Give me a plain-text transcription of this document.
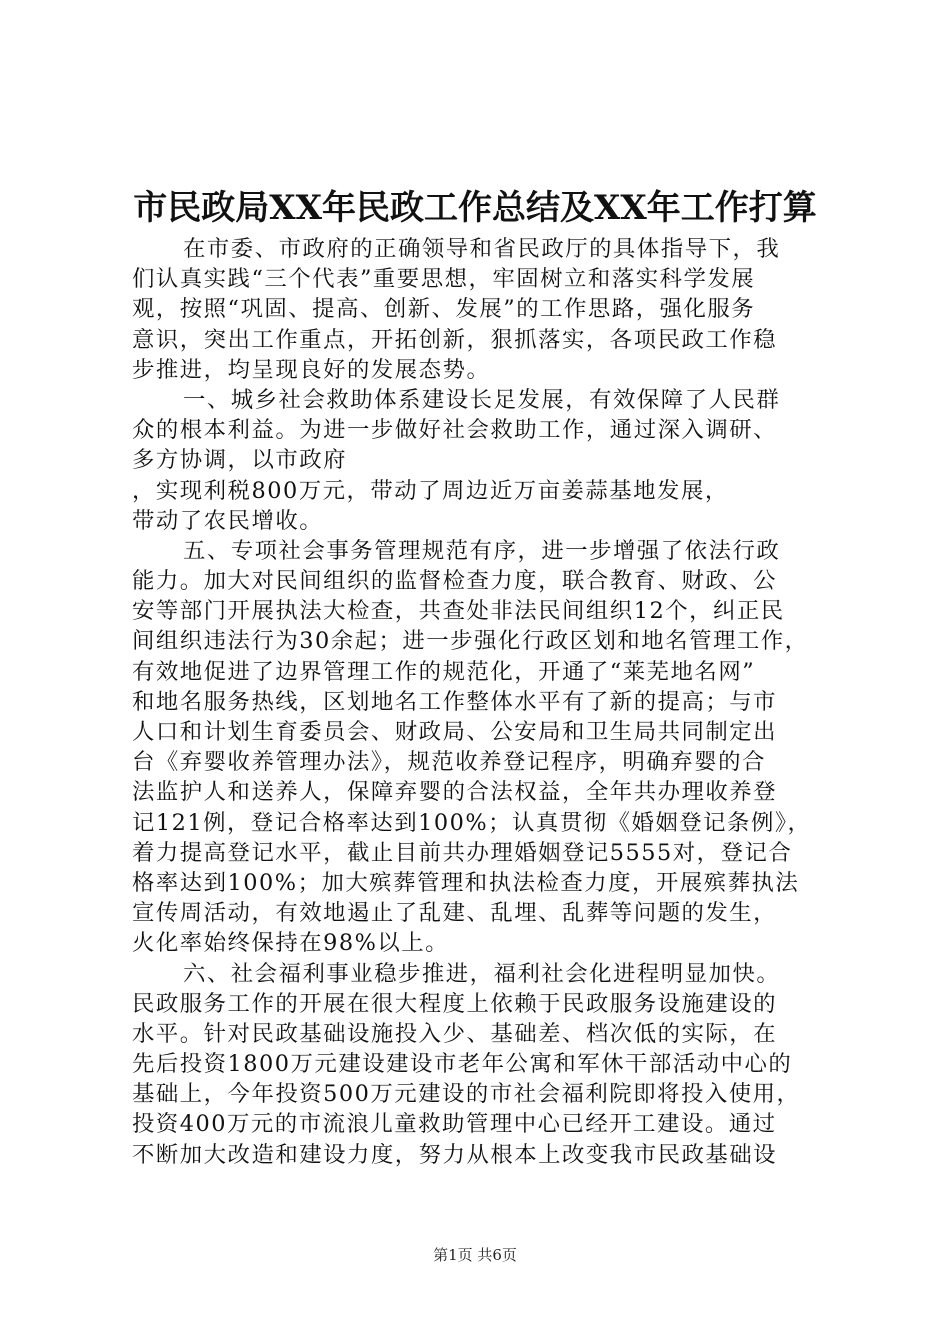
市民政局XX年民政工作总结及XX年工作打算
在市委、市政府的正确领导和省民政厅的具体指导下，我
们认真实践“三个代表”重要思想，牢固树立和落实科学发展
观，按照“巩固、提高、创新、发展”的工作思路，强化服务
意识，突出工作重点，开拓创新，狠抓落实，各项民政工作稳
步推进，均呈现良好的发展态势。
一、城乡社会救助体系建设长足发展，有效保障了人民群
众的根本利益。为进一步做好社会救助工作，通过深入调研、
多方协调，以市政府
，实现利税800万元，带动了周边近万亩姜蒜基地发展，
带动了农民增收。
五、专项社会事务管理规范有序，进一步增强了依法行政
能力。加大对民间组织的监督检查力度，联合教育、财政、公
安等部门开展执法大检查，共查处非法民间组织12个，纠正民
间组织违法行为30余起；进一步强化行政区划和地名管理工作，
有效地促进了边界管理工作的规范化，开通了“莱芜地名网”
和地名服务热线，区划地名工作整体水平有了新的提高；与市
人口和计划生育委员会、财政局、公安局和卫生局共同制定出
台《弃婴收养管理办法》，规范收养登记程序，明确弃婴的合
法监护人和送养人，保障弃婴的合法权益，全年共办理收养登
记121例，登记合格率达到100%；认真贯彻《婚姻登记条例》，
着力提高登记水平，截止目前共办理婚姻登记5555对，登记合
格率达到100%；加大殡葬管理和执法检查力度，开展殡葬执法
宣传周活动，有效地遏止了乱建、乱埋、乱葬等问题的发生，
火化率始终保持在98%以上。
六、社会福利事业稳步推进，福利社会化进程明显加快。
民政服务工作的开展在很大程度上依赖于民政服务设施建设的
水平。针对民政基础设施投入少、基础差、档次低的实际，在
先后投资1800万元建设建设市老年公寓和军休干部活动中心的
基础上，今年投资500万元建设的市社会福利院即将投入使用，
投资400万元的市流浪儿童救助管理中心已经开工建设。通过
不断加大改造和建设力度，努力从根本上改变我市民政基础设
第1页 共6页
